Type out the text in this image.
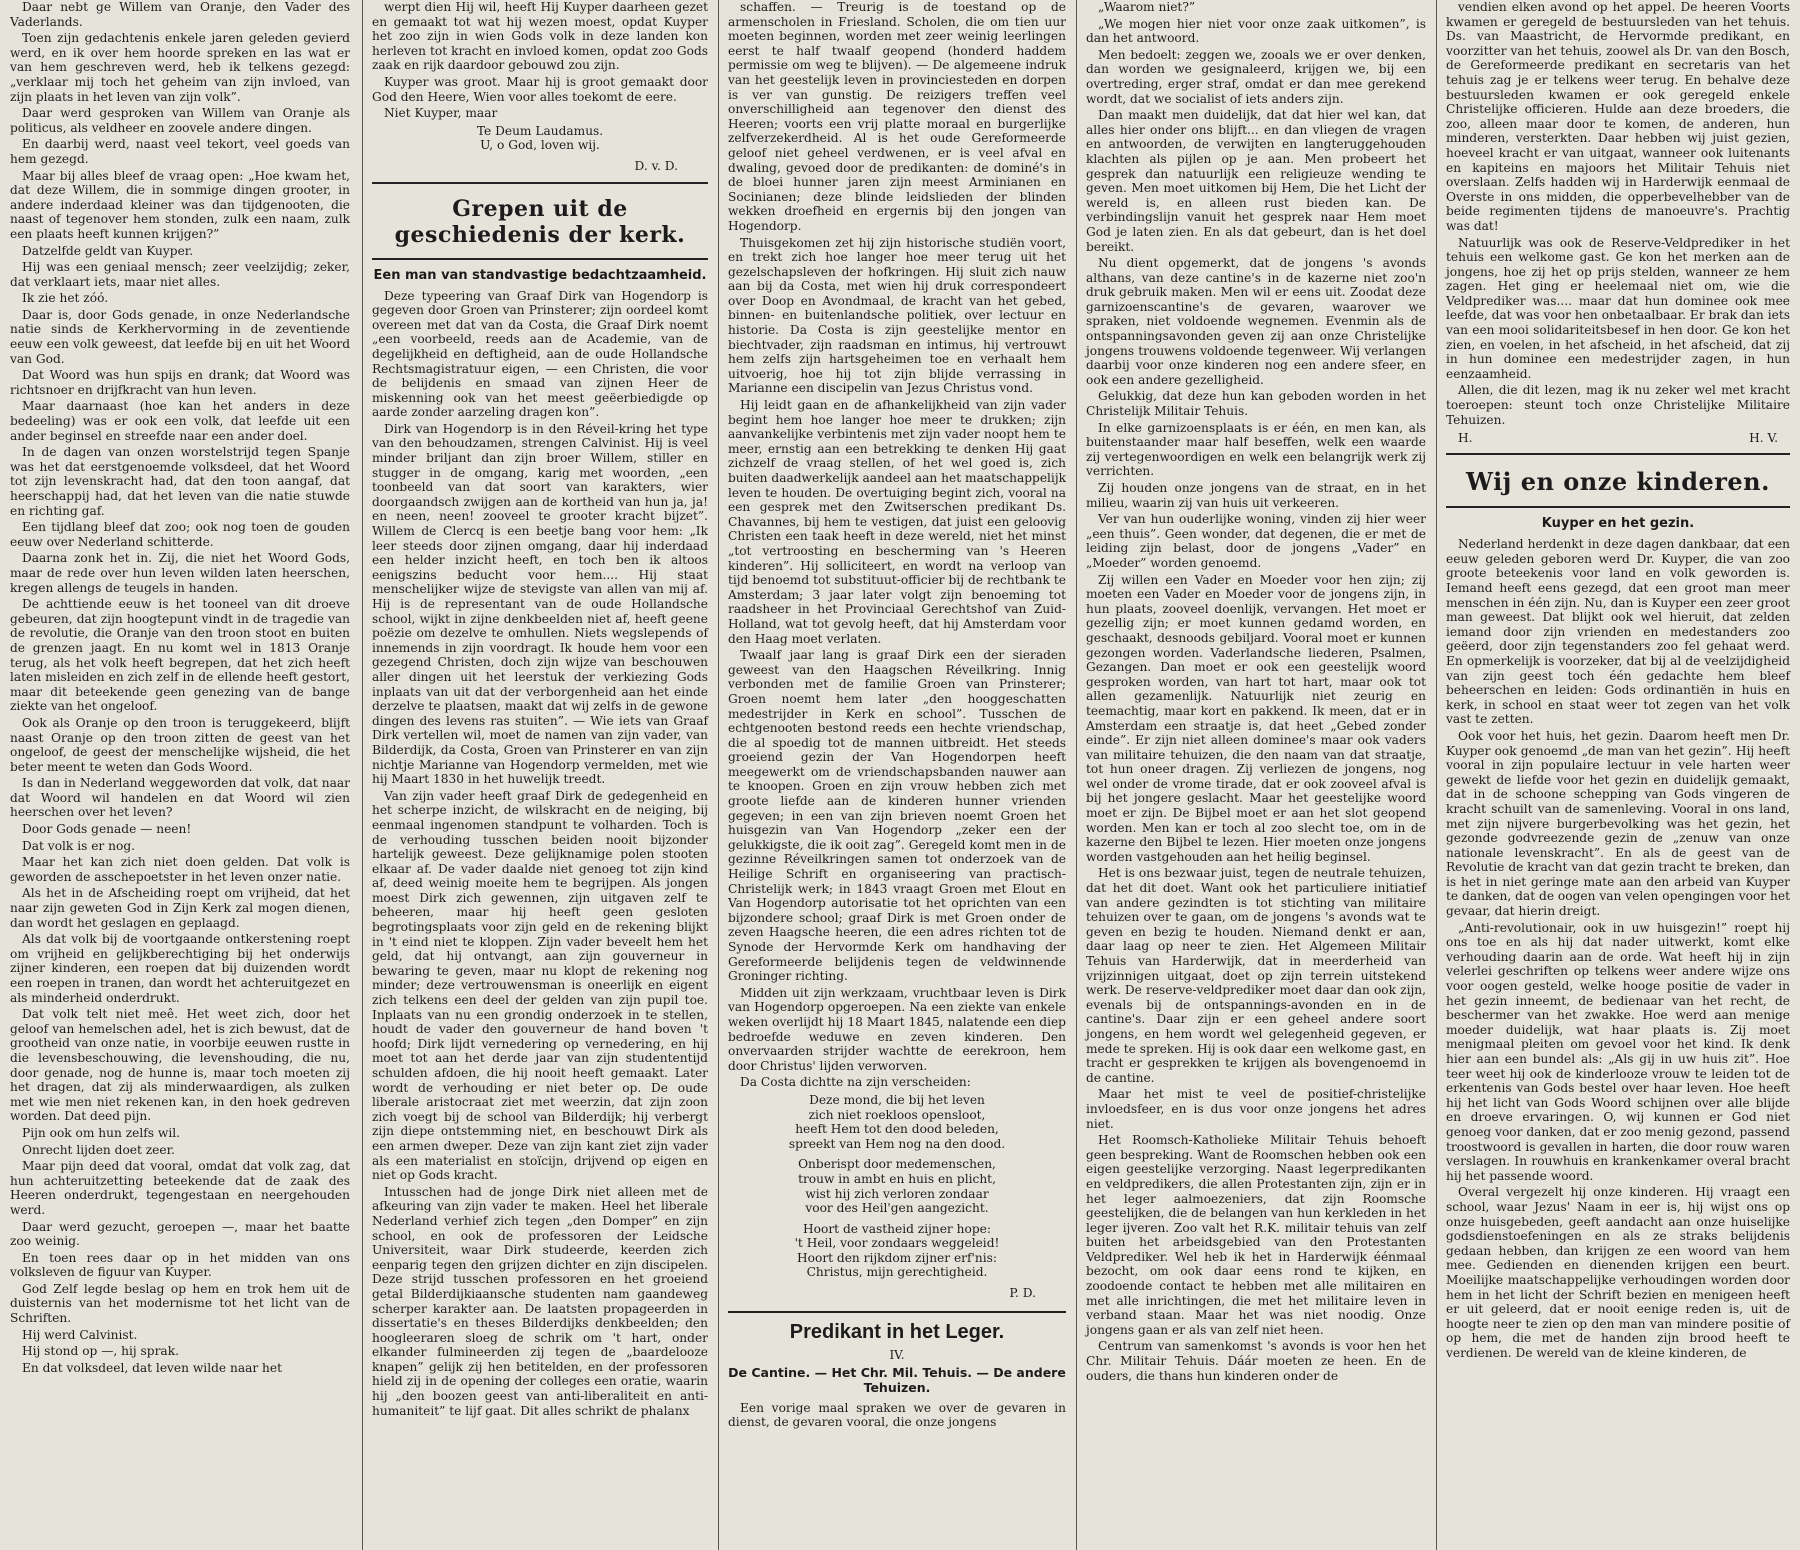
Daar nebt ge Willem van Oranje, den Vader des Vaderlands.

Toen zijn gedachtenis enkele jaren geleden gevierd werd, en ik over hem hoorde spreken en las wat er van hem geschreven werd, heb ik telkens gezegd: „verklaar mij toch het geheim van zijn invloed, van zijn plaats in het leven van zijn volk”.

Daar werd gesproken van Willem van Oranje als politicus, als veldheer en zoovele andere dingen.

En daarbij werd, naast veel tekort, veel goeds van hem gezegd.

Maar bij alles bleef de vraag open: „Hoe kwam het, dat deze Willem, die in sommige dingen grooter, in andere inderdaad kleiner was dan tijdgenooten, die naast of tegenover hem stonden, zulk een naam, zulk een plaats heeft kunnen krijgen?”

Datzelfde geldt van Kuyper.

Hij was een geniaal mensch; zeer veelzijdig; zeker, dat verklaart iets, maar niet alles.

Ik zie het zóó.

Daar is, door Gods genade, in onze Nederlandsche natie sinds de Kerkhervorming in de zeventiende eeuw een volk geweest, dat leefde bij en uit het Woord van God.

Dat Woord was hun spijs en drank; dat Woord was richtsnoer en drijfkracht van hun leven.

Maar daarnaast (hoe kan het anders in deze bedeeling) was er ook een volk, dat leefde uit een ander beginsel en streefde naar een ander doel.

In de dagen van onzen worstelstrijd tegen Spanje was het dat eerstgenoemde volksdeel, dat het Woord tot zijn levenskracht had, dat den toon aangaf, dat heerschappij had, dat het leven van die natie stuwde en richting gaf.

Een tijdlang bleef dat zoo; ook nog toen de gouden eeuw over Nederland schitterde.

Daarna zonk het in. Zij, die niet het Woord Gods, maar de rede over hun leven wilden laten heerschen, kregen allengs de teugels in handen.

De achttiende eeuw is het tooneel van dit droeve gebeuren, dat zijn hoogtepunt vindt in de tragedie van de revolutie, die Oranje van den troon stoot en buiten de grenzen jaagt. En nu komt wel in 1813 Oranje terug, als het volk heeft begrepen, dat het zich heeft laten misleiden en zich zelf in de ellende heeft gestort, maar dit beteekende geen genezing van de bange ziekte van het ongeloof.

Ook als Oranje op den troon is teruggekeerd, blijft naast Oranje op den troon zitten de geest van het ongeloof, de geest der menschelijke wijsheid, die het beter meent te weten dan Gods Woord.

Is dan in Nederland weggeworden dat volk, dat naar dat Woord wil handelen en dat Woord wil zien heerschen over het leven?

Door Gods genade — neen!

Dat volk is er nog.

Maar het kan zich niet doen gelden. Dat volk is geworden de asschepoetster in het leven onzer natie.

Als het in de Afscheiding roept om vrijheid, dat het naar zijn geweten God in Zijn Kerk zal mogen dienen, dan wordt het geslagen en geplaagd.

Als dat volk bij de voortgaande ontkerstening roept om vrijheid en gelijkberechtiging bij het onderwijs zijner kinderen, een roepen dat bij duizenden wordt een roepen in tranen, dan wordt het achteruitgezet en als minderheid onderdrukt.

Dat volk telt niet meê. Het weet zich, door het geloof van hemelschen adel, het is zich bewust, dat de grootheid van onze natie, in voorbije eeuwen rustte in die levensbeschouwing, die levenshouding, die nu, door genade, nog de hunne is, maar toch moeten zij het dragen, dat zij als minderwaardigen, als zulken met wie men niet rekenen kan, in den hoek gedreven worden. Dat deed pijn.

Pijn ook om hun zelfs wil.

Onrecht lijden doet zeer.

Maar pijn deed dat vooral, omdat dat volk zag, dat hun achteruitzetting beteekende dat de zaak des Heeren onderdrukt, tegengestaan en neergehouden werd.

Daar werd gezucht, geroepen —, maar het baatte zoo weinig.

En toen rees daar op in het midden van ons volksleven de figuur van Kuyper.

God Zelf legde beslag op hem en trok hem uit de duisternis van het modernisme tot het licht van de Schriften.

Hij werd Calvinist.

Hij stond op —, hij sprak.

En dat volksdeel, dat leven wilde naar het

werpt dien Hij wil, heeft Hij Kuyper daarheen gezet en gemaakt tot wat hij wezen moest, opdat Kuyper het zoo zijn in wien Gods volk in deze landen kon herleven tot kracht en invloed komen, opdat zoo Gods zaak en rijk daardoor gebouwd zou zijn.

Kuyper was groot. Maar hij is groot gemaakt door God den Heere, Wien voor alles toekomt de eere.

Niet Kuyper, maar

Te Deum Laudamus.
U, o God, loven wij.

D. v. D.

Grepen uit de geschiedenis der kerk.
Een man van standvastige bedachtzaamheid.

Deze typeering van Graaf Dirk van Hogendorp is gegeven door Groen van Prinsterer; zijn oordeel komt overeen met dat van da Costa, die Graaf Dirk noemt „een voorbeeld, reeds aan de Academie, van de degelijkheid en deftigheid, aan de oude Hollandsche Rechtsmagistratuur eigen, — een Christen, die voor de belijdenis en smaad van zijnen Heer de miskenning ook van het meest geëerbiedigde op aarde zonder aarzeling dragen kon”.

Dirk van Hogendorp is in den Réveil-kring het type van den behoudzamen, strengen Calvinist. Hij is veel minder briljant dan zijn broer Willem, stiller en stugger in de omgang, karig met woorden, „een toonbeeld van dat soort van karakters, wier doorgaandsch zwijgen aan de kortheid van hun ja, ja! en neen, neen! zooveel te grooter kracht bijzet”. Willem de Clercq is een beetje bang voor hem: „Ik leer steeds door zijnen omgang, daar hij inderdaad een helder inzicht heeft, en toch ben ik altoos eenigszins beducht voor hem.... Hij staat menschelijker wijze de stevigste van allen van mij af. Hij is de representant van de oude Hollandsche school, wijkt in zijne denkbeelden niet af, heeft geene poëzie om dezelve te omhullen. Niets wegslepends of innemends in zijn voordragt. Ik houde hem voor een gezegend Christen, doch zijn wijze van beschouwen aller dingen uit het leerstuk der verkiezing Gods inplaats van uit dat der verborgenheid aan het einde derzelve te plaatsen, maakt dat wij zelfs in de gewone dingen des levens ras stuiten”. — Wie iets van Graaf Dirk vertellen wil, moet de namen van zijn vader, van Bilderdijk, da Costa, Groen van Prinsterer en van zijn nichtje Marianne van Hogendorp vermelden, met wie hij Maart 1830 in het huwelijk treedt.

Van zijn vader heeft graaf Dirk de gedegenheid en het scherpe inzicht, de wilskracht en de neiging, bij eenmaal ingenomen standpunt te volharden. Toch is de verhouding tusschen beiden nooit bijzonder hartelijk geweest. Deze gelijknamige polen stooten elkaar af. De vader daalde niet genoeg tot zijn kind af, deed weinig moeite hem te begrijpen. Als jongen moest Dirk zich gewennen, zijn uitgaven zelf te beheeren, maar hij heeft geen gesloten begrotingsplaats voor zijn geld en de rekening blijkt in 't eind niet te kloppen. Zijn vader beveelt hem het geld, dat hij ontvangt, aan zijn gouverneur in bewaring te geven, maar nu klopt de rekening nog minder; deze vertrouwensman is oneerlijk en eigent zich telkens een deel der gelden van zijn pupil toe. Inplaats van nu een grondig onderzoek in te stellen, houdt de vader den gouverneur de hand boven 't hoofd; Dirk lijdt vernedering op vernedering, en hij moet tot aan het derde jaar van zijn studententijd schulden afdoen, die hij nooit heeft gemaakt. Later wordt de verhouding er niet beter op. De oude liberale aristocraat ziet met weerzin, dat zijn zoon zich voegt bij de school van Bilderdijk; hij verbergt zijn diepe ontstemming niet, en beschouwt Dirk als een armen dweper. Deze van zijn kant ziet zijn vader als een materialist en stoïcijn, drijvend op eigen en niet op Gods kracht.

Intusschen had de jonge Dirk niet alleen met de afkeuring van zijn vader te maken. Heel het liberale Nederland verhief zich tegen „den Domper” en zijn school, en ook de professoren der Leidsche Universiteit, waar Dirk studeerde, keerden zich eenparig tegen den grijzen dichter en zijn discipelen. Deze strijd tusschen professoren en het groeiend getal Bilderdijkiaansche studenten nam gaandeweg scherper karakter aan. De laatsten propageerden in dissertatie's en theses Bilderdijks denkbeelden; den hoogleeraren sloeg de schrik om 't hart, onder elkander fulmineerden zij tegen de „baardelooze knapen” gelijk zij hen betitelden, en der professoren hield zij in de opening der colleges een oratie, waarin hij „den boozen geest van anti-liberaliteit en anti-humaniteit” te lijf gaat. Dit alles schrikt de phalanx

schaffen. — Treurig is de toestand op de armenscholen in Friesland. Scholen, die om tien uur moeten beginnen, worden met zeer weinig leerlingen eerst te half twaalf geopend (honderd haddem permissie om weg te blijven). — De algemeene indruk van het geestelijk leven in provinciesteden en dorpen is ver van gunstig. De reizigers treffen veel onverschilligheid aan tegenover den dienst des Heeren; voorts een vrij platte moraal en burgerlijke zelfverzekerdheid. Al is het oude Gereformeerde geloof niet geheel verdwenen, er is veel afval en dwaling, gevoed door de predikanten: de dominé's in de bloei hunner jaren zijn meest Arminianen en Socinianen; deze blinde leidslieden der blinden wekken droefheid en ergernis bij den jongen van Hogendorp.

Thuisgekomen zet hij zijn historische studiën voort, en trekt zich hoe langer hoe meer terug uit het gezelschapsleven der hofkringen. Hij sluit zich nauw aan bij da Costa, met wien hij druk correspondeert over Doop en Avondmaal, de kracht van het gebed, binnen- en buitenlandsche politiek, over lectuur en historie. Da Costa is zijn geestelijke mentor en biechtvader, zijn raadsman en intimus, hij vertrouwt hem zelfs zijn hartsgeheimen toe en verhaalt hem uitvoerig, hoe hij tot zijn blijde verrassing in Marianne een discipelin van Jezus Christus vond.

Hij leidt gaan en de afhankelijkheid van zijn vader begint hem hoe langer hoe meer te drukken; zijn aanvankelijke verbintenis met zijn vader noopt hem te meer, ernstig aan een betrekking te denken Hij gaat zichzelf de vraag stellen, of het wel goed is, zich buiten daadwerkelijk aandeel aan het maatschappelijk leven te houden. De overtuiging begint zich, vooral na een gesprek met den Zwitserschen predikant Ds. Chavannes, bij hem te vestigen, dat juist een geloovig Christen een taak heeft in deze wereld, niet het minst „tot vertroosting en bescherming van 's Heeren kinderen”. Hij solliciteert, en wordt na verloop van tijd benoemd tot substituut-officier bij de rechtbank te Amsterdam; 3 jaar later volgt zijn benoeming tot raadsheer in het Provinciaal Gerechtshof van Zuid-Holland, wat tot gevolg heeft, dat hij Amsterdam voor den Haag moet verlaten.

Twaalf jaar lang is graaf Dirk een der sieraden geweest van den Haagschen Réveilkring. Innig verbonden met de familie Groen van Prinsterer; Groen noemt hem later „den hooggeschatten medestrijder in Kerk en school”. Tusschen de echtgenooten bestond reeds een hechte vriendschap, die al spoedig tot de mannen uitbreidt. Het steeds groeiend gezin der Van Hogendorpen heeft meegewerkt om de vriendschapsbanden nauwer aan te knoopen. Groen en zijn vrouw hebben zich met groote liefde aan de kinderen hunner vrienden gegeven; in een van zijn brieven noemt Groen het huisgezin van Van Hogendorp „zeker een der gelukkigste, die ik ooit zag”. Geregeld komt men in de gezinne Réveilkringen samen tot onderzoek van de Heilige Schrift en organiseering van practisch-Christelijk werk; in 1843 vraagt Groen met Elout en Van Hogendorp autorisatie tot het oprichten van een bijzondere school; graaf Dirk is met Groen onder de zeven Haagsche heeren, die een adres richten tot de Synode der Hervormde Kerk om handhaving der Gereformeerde belijdenis tegen de veldwinnende Groninger richting.

Midden uit zijn werkzaam, vruchtbaar leven is Dirk van Hogendorp opgeroepen. Na een ziekte van enkele weken overlijdt hij 18 Maart 1845, nalatende een diep bedroefde weduwe en zeven kinderen. Den onvervaarden strijder wachtte de eerekroon, hem door Christus' lijden verworven.

Da Costa dichtte na zijn verscheiden:

Deze mond, die bij het leven
zich niet roekloos opensloot,
heeft Hem tot den dood beleden,
spreekt van Hem nog na den dood.
Onberispt door medemenschen,
trouw in ambt en huis en plicht,
wist hij zich verloren zondaar
voor des Heil'gen aangezicht.
Hoort de vastheid zijner hope:
't Heil, voor zondaars weggeleid!
Hoort den rijkdom zijner erf'nis:
Christus, mijn gerechtigheid.

P. D.

Predikant in het Leger.
IV.
De Cantine. — Het Chr. Mil. Tehuis. — De andere Tehuizen.

Een vorige maal spraken we over de gevaren in dienst, de gevaren vooral, die onze jongens

„Waarom niet?”

„We mogen hier niet voor onze zaak uitkomen”, is dan het antwoord.

Men bedoelt: zeggen we, zooals we er over denken, dan worden we gesignaleerd, krijgen we, bij een overtreding, erger straf, omdat er dan mee gerekend wordt, dat we socialist of iets anders zijn.

Dan maakt men duidelijk, dat dat hier wel kan, dat alles hier onder ons blijft... en dan vliegen de vragen en antwoorden, de verwijten en langteruggehouden klachten als pijlen op je aan. Men probeert het gesprek dan natuurlijk een religieuze wending te geven. Men moet uitkomen bij Hem, Die het Licht der wereld is, en alleen rust bieden kan. De verbindingslijn vanuit het gesprek naar Hem moet God je laten zien. En als dat gebeurt, dan is het doel bereikt.

Nu dient opgemerkt, dat de jongens 's avonds althans, van deze cantine's in de kazerne niet zoo'n druk gebruik maken. Men wil er eens uit. Zoodat deze garnizoenscantine's de gevaren, waarover we spraken, niet voldoende wegnemen. Evenmin als de ontspanningsavonden geven zij aan onze Christelijke jongens trouwens voldoende tegenweer. Wij verlangen daarbij voor onze kinderen nog een andere sfeer, en ook een andere gezelligheid.

Gelukkig, dat deze hun kan geboden worden in het Christelijk Militair Tehuis.

In elke garnizoensplaats is er één, en men kan, als buitenstaander maar half beseffen, welk een waarde zij vertegenwoordigen en welk een belangrijk werk zij verrichten.

Zij houden onze jongens van de straat, en in het milieu, waarin zij van huis uit verkeeren.

Ver van hun ouderlijke woning, vinden zij hier weer „een thuis”. Geen wonder, dat degenen, die er met de leiding zijn belast, door de jongens „Vader” en „Moeder” worden genoemd.

Zij willen een Vader en Moeder voor hen zijn; zij moeten een Vader en Moeder voor de jongens zijn, in hun plaats, zooveel doenlijk, vervangen. Het moet er gezellig zijn; er moet kunnen gedamd worden, en geschaakt, desnoods gebiljard. Vooral moet er kunnen gezongen worden. Vaderlandsche liederen, Psalmen, Gezangen. Dan moet er ook een geestelijk woord gesproken worden, van hart tot hart, maar ook tot allen gezamenlijk. Natuurlijk niet zeurig en teemachtig, maar kort en pakkend. Ik meen, dat er in Amsterdam een straatje is, dat heet „Gebed zonder einde”. Er zijn niet alleen dominee's maar ook vaders van militaire tehuizen, die den naam van dat straatje, tot hun oneer dragen. Zij verliezen de jongens, nog wel onder de vrome tirade, dat er ook zooveel afval is bij het jongere geslacht. Maar het geestelijke woord moet er zijn. De Bijbel moet er aan het slot geopend worden. Men kan er toch al zoo slecht toe, om in de kazerne den Bijbel te lezen. Hier moeten onze jongens worden vastgehouden aan het heilig beginsel.

Het is ons bezwaar juist, tegen de neutrale tehuizen, dat het dit doet. Want ook het particuliere initiatief van andere gezindten is tot stichting van militaire tehuizen over te gaan, om de jongens 's avonds wat te geven en bezig te houden. Niemand denkt er aan, daar laag op neer te zien. Het Algemeen Militair Tehuis van Harderwijk, dat in meerderheid van vrijzinnigen uitgaat, doet op zijn terrein uitstekend werk. De reserve-veldprediker moet daar dan ook zijn, evenals bij de ontspannings-avonden en in de cantine's. Daar zijn er een geheel andere soort jongens, en hem wordt wel gelegenheid gegeven, er mede te spreken. Hij is ook daar een welkome gast, en tracht er gesprekken te krijgen als bovengenoemd in de cantine.

Maar het mist te veel de positief-christelijke invloedsfeer, en is dus voor onze jongens het adres niet.

Het Roomsch-Katholieke Militair Tehuis behoeft geen bespreking. Want de Roomschen hebben ook een eigen geestelijke verzorging. Naast legerpredikanten en veldpredikers, die allen Protestanten zijn, zijn er in het leger aalmoezeniers, dat zijn Roomsche geestelijken, die de belangen van hun kerkleden in het leger ijveren. Zoo valt het R.K. militair tehuis van zelf buiten het arbeidsgebied van den Protestanten Veldprediker. Wel heb ik het in Harderwijk éénmaal bezocht, om ook daar eens rond te kijken, en zoodoende contact te hebben met alle militairen en met alle inrichtingen, die met het militaire leven in verband staan. Maar het was niet noodig. Onze jongens gaan er als van zelf niet heen.

Centrum van samenkomst 's avonds is voor hen het Chr. Militair Tehuis. Dáár moeten ze heen. En de ouders, die thans hun kinderen onder de

vendien elken avond op het appel. De heeren Voorts kwamen er geregeld de bestuursleden van het tehuis. Ds. van Maastricht, de Hervormde predikant, en voorzitter van het tehuis, zoowel als Dr. van den Bosch, de Gereformeerde predikant en secretaris van het tehuis zag je er telkens weer terug. En behalve deze bestuursleden kwamen er ook geregeld enkele Christelijke officieren. Hulde aan deze broeders, die zoo, alleen maar door te komen, de anderen, hun minderen, versterkten. Daar hebben wij juist gezien, hoeveel kracht er van uitgaat, wanneer ook luitenants en kapiteins en majoors het Militair Tehuis niet overslaan. Zelfs hadden wij in Harderwijk eenmaal de Overste in ons midden, die opperbevelhebber van de beide regimenten tijdens de manoeuvre's. Prachtig was dat!

Natuurlijk was ook de Reserve-Veldprediker in het tehuis een welkome gast. Ge kon het merken aan de jongens, hoe zij het op prijs stelden, wanneer ze hem zagen. Het ging er heelemaal niet om, wie die Veldprediker was.... maar dat hun dominee ook mee leefde, dat was voor hen onbetaalbaar. Er brak dan iets van een mooi solidariteitsbesef in hen door. Ge kon het zien, en voelen, in het afscheid, in het afscheid, dat zij in hun dominee een medestrijder zagen, in hun eenzaamheid.

Allen, die dit lezen, mag ik nu zeker wel met kracht toeroepen: steunt toch onze Christelijke Militaire Tehuizen.

H.	H. V.
Wij en onze kinderen.
Kuyper en het gezin.

Nederland herdenkt in deze dagen dankbaar, dat een eeuw geleden geboren werd Dr. Kuyper, die van zoo groote beteekenis voor land en volk geworden is. Iemand heeft eens gezegd, dat een groot man meer menschen in één zijn. Nu, dan is Kuyper een zeer groot man geweest. Dat blijkt ook wel hieruit, dat zelden iemand door zijn vrienden en medestanders zoo geëerd, door zijn tegenstanders zoo fel gehaat werd. En opmerkelijk is voorzeker, dat bij al de veelzijdigheid van zijn geest toch één gedachte hem bleef beheerschen en leiden: Gods ordinantiën in huis en kerk, in school en staat weer tot zegen van het volk vast te zetten.

Ook voor het huis, het gezin. Daarom heeft men Dr. Kuyper ook genoemd „de man van het gezin”. Hij heeft vooral in zijn populaire lectuur in vele harten weer gewekt de liefde voor het gezin en duidelijk gemaakt, dat in de schoone schepping van Gods vingeren de kracht schuilt van de samenleving. Vooral in ons land, met zijn nijvere burgerbevolking was het gezin, het gezonde godvreezende gezin de „zenuw van onze nationale levenskracht”. En als de geest van de Revolutie de kracht van dat gezin tracht te breken, dan is het in niet geringe mate aan den arbeid van Kuyper te danken, dat de oogen van velen opengingen voor het gevaar, dat hierin dreigt.

„Anti-revolutionair, ook in uw huisgezin!” roept hij ons toe en als hij dat nader uitwerkt, komt elke verhouding daarin aan de orde. Wat heeft hij in zijn velerlei geschriften op telkens weer andere wijze ons voor oogen gesteld, welke hooge positie de vader in het gezin inneemt, de bedienaar van het recht, de beschermer van het zwakke. Hoe werd aan menige moeder duidelijk, wat haar plaats is. Zij moet menigmaal pleiten om gevoel voor het kind. Ik denk hier aan een bundel als: „Als gij in uw huis zit”. Hoe teer weet hij ook de kinderlooze vrouw te leiden tot de erkentenis van Gods bestel over haar leven. Hoe heeft hij het licht van Gods Woord schijnen over alle blijde en droeve ervaringen. O, wij kunnen er God niet genoeg voor danken, dat er zoo menig gezond, passend troostwoord is gevallen in harten, die door rouw waren verslagen. In rouwhuis en krankenkamer overal bracht hij het passende woord.

Overal vergezelt hij onze kinderen. Hij vraagt een school, waar Jezus' Naam in eer is, hij wijst ons op onze huisgebeden, geeft aandacht aan onze huiselijke godsdienstoefeningen en als ze straks belijdenis gedaan hebben, dan krijgen ze een woord van hem mee. Gedienden en dienenden krijgen een beurt. Moeilijke maatschappelijke verhoudingen worden door hem in het licht der Schrift bezien en menigeen heeft er uit geleerd, dat er nooit eenige reden is, uit de hoogte neer te zien op den man van mindere positie of op hem, die met de handen zijn brood heeft te verdienen. De wereld van de kleine kinderen, de
